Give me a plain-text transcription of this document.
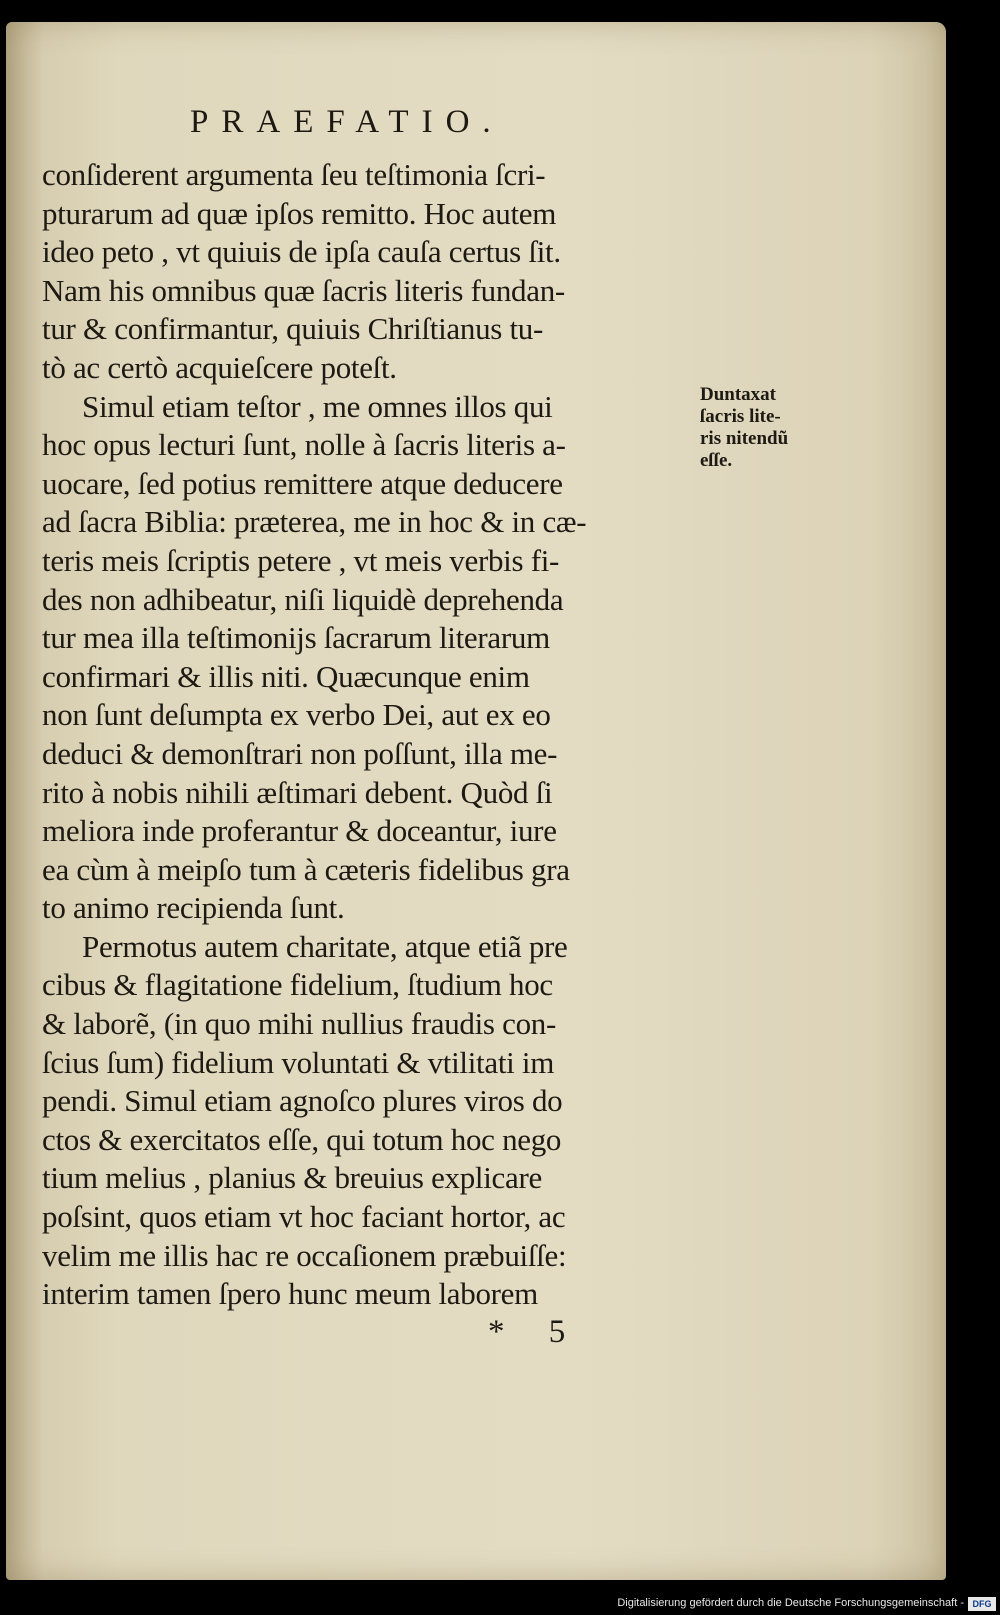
PRAEFATIO.
conſiderent argumenta ſeu teſtimonia ſcri-
pturarum ad quæ ipſos remitto. Hoc autem
ideo peto , vt quiuis de ipſa cauſa certus ſit.
Nam his omnibus quæ ſacris literis fundan-
tur & confirmantur, quiuis Chriſtianus tu-
tò ac certò acquieſcere poteſt.
Simul etiam teſtor , me omnes illos qui
hoc opus lecturi ſunt, nolle à ſacris literis a-
uocare, ſed potius remittere atque deducere
ad ſacra Biblia: præterea, me in hoc & in cæ-
teris meis ſcriptis petere , vt meis verbis fi-
des non adhibeatur, niſi liquidè deprehenda
tur mea illa teſtimonijs ſacrarum literarum
confirmari & illis niti. Quæcunque enim
non ſunt deſumpta ex verbo Dei, aut ex eo
deduci & demonſtrari non poſſunt, illa me-
rito à nobis nihili æſtimari debent. Quòd ſi
meliora inde proferantur & doceantur, iure
ea cùm à meipſo tum à cæteris fidelibus gra
to animo recipienda ſunt.
Permotus autem charitate, atque etiã pre
cibus & flagitatione fidelium, ſtudium hoc
& laborẽ, (in quo mihi nullius fraudis con-
ſcius ſum) fidelium voluntati & vtilitati im
pendi. Simul etiam agnoſco plures viros do
ctos & exercitatos eſſe, qui totum hoc nego
tium melius , planius & breuius explicare
poſsint, quos etiam vt hoc faciant hortor, ac
velim me illis hac re occaſionem præbuiſſe:
interim tamen ſpero hunc meum laborem
Duntaxat
ſacris lite-
ris nitendũ
eſſe.
* 5
Digitalisierung gefördert durch die Deutsche Forschungsgemeinschaft - DFG
